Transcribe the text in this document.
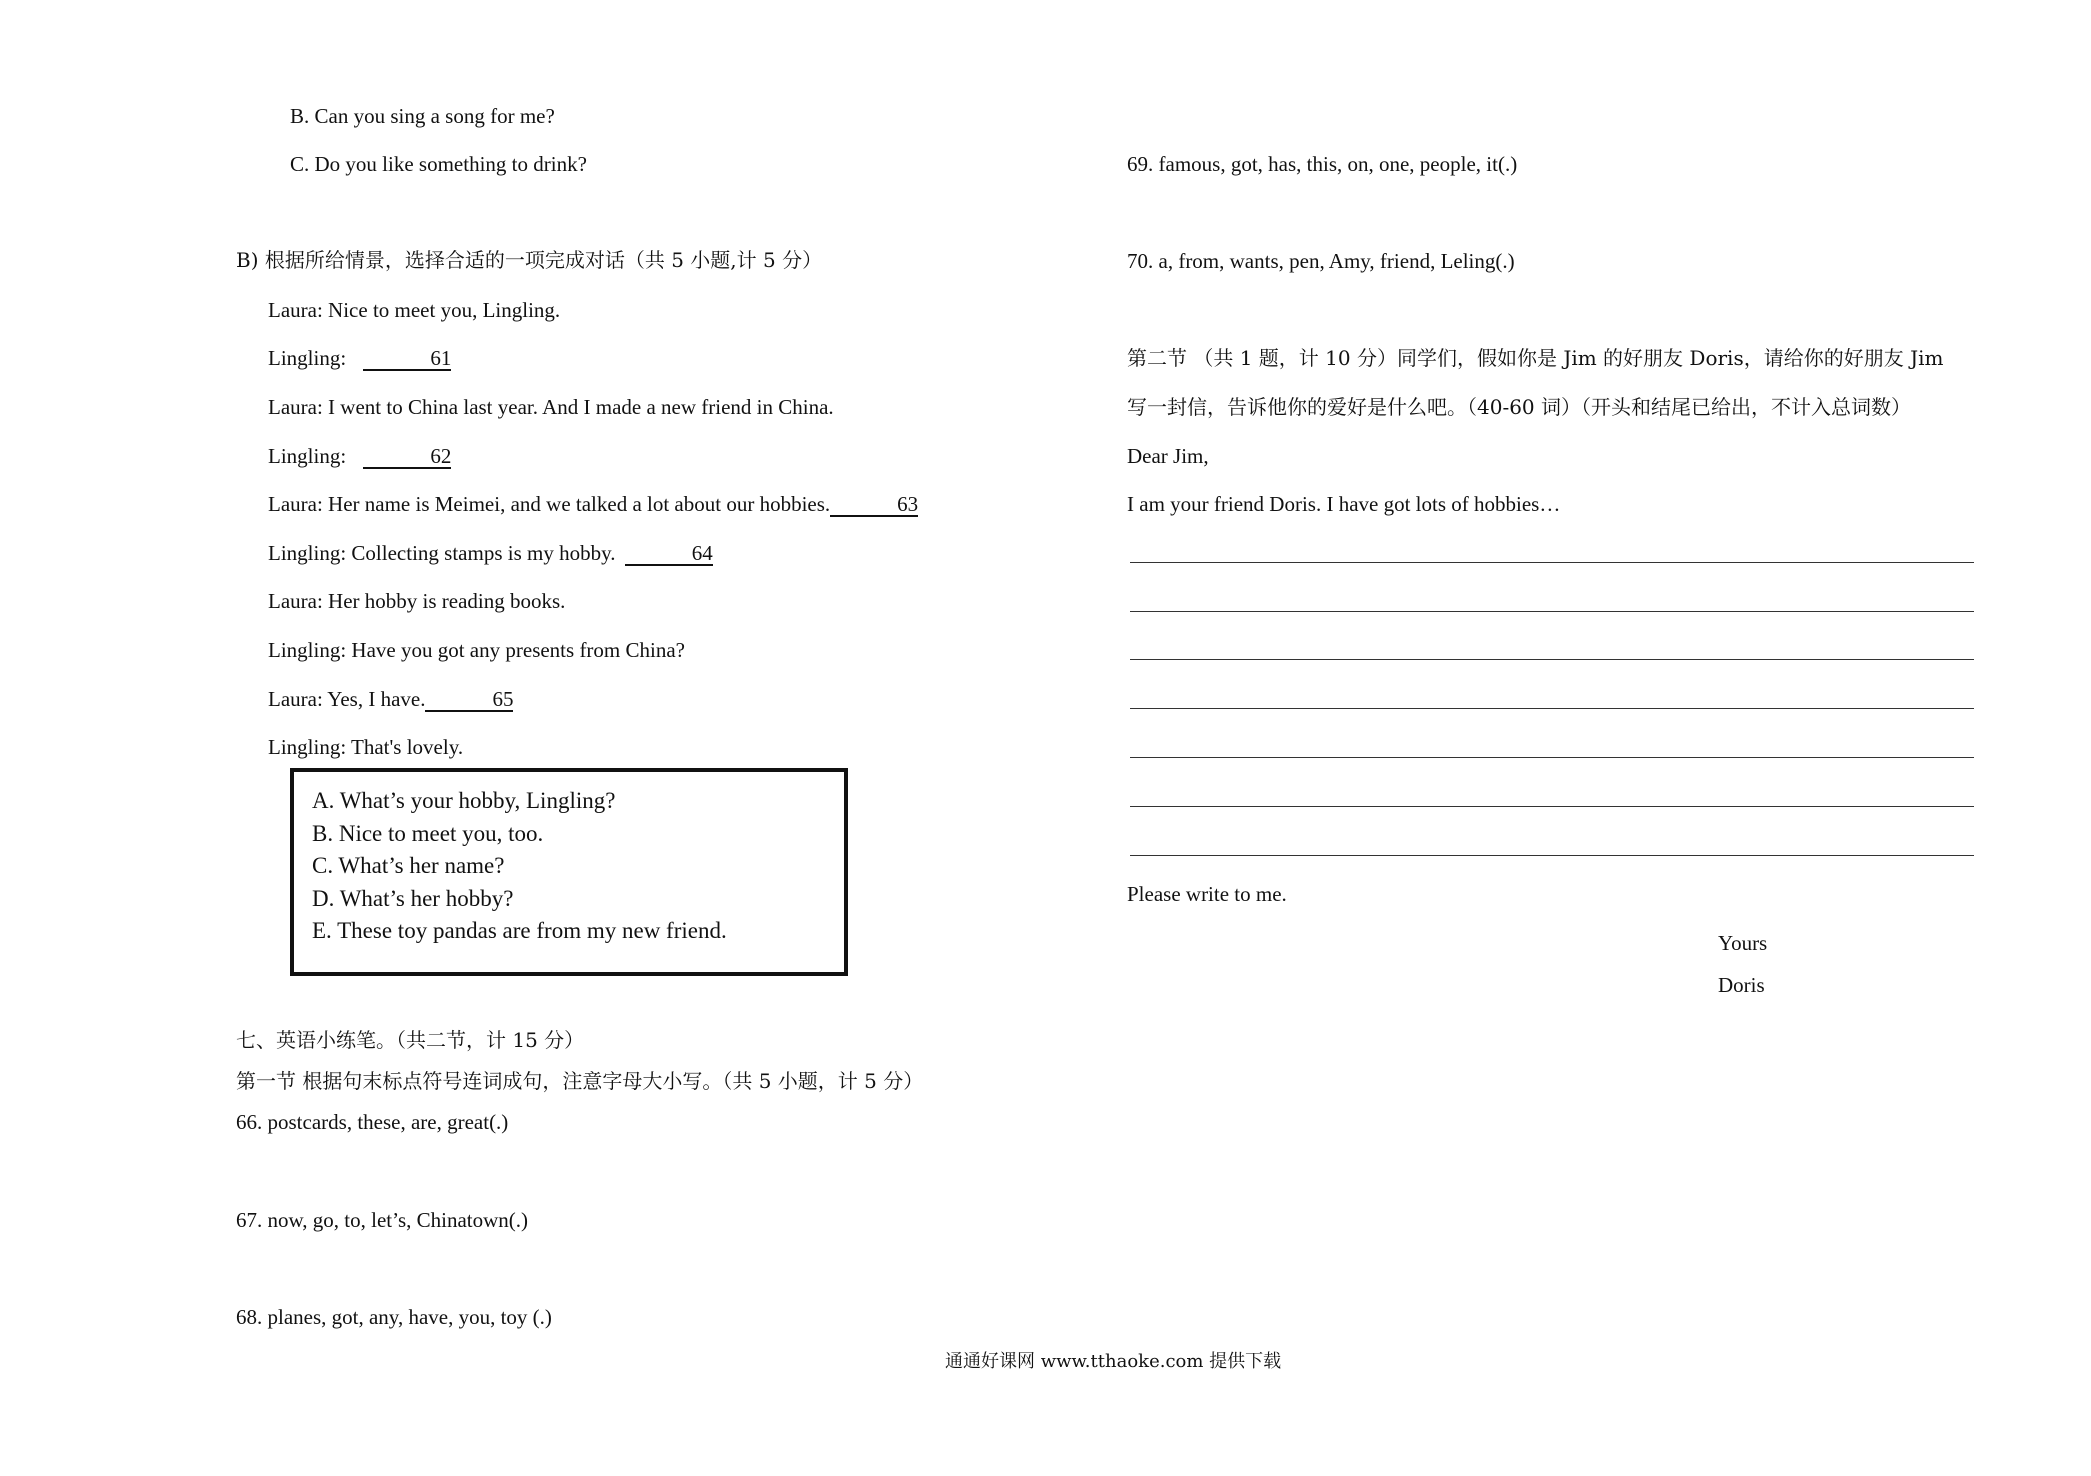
B. Can you sing a song for me?
C. Do you like something to drink?
B) 根据所给情景，选择合适的一项完成对话（共 5 小题,计 5 分）
Laura: Nice to meet you, Lingling.
Lingling:	61
Laura: I went to China last year. And I made a new friend in China.
Lingling:	62
Laura: Her name is Meimei, and we talked a lot about our hobbies.	63
Lingling: Collecting stamps is my hobby.	64
Laura: Her hobby is reading books.
Lingling: Have you got any presents from China?
Laura: Yes, I have.	65
Lingling: That's lovely.
A. What’s your hobby, Lingling?
B. Nice to meet you, too.
C. What’s her name?
D. What’s her hobby?
E. These toy pandas are from my new friend.
七、英语小练笔。（共二节，计 15 分）
第一节 根据句末标点符号连词成句，注意字母大小写。（共 5 小题，计 5 分）
66. postcards, these, are, great(.)
67. now, go, to, let’s, Chinatown(.)
68. planes, got, any, have, you, toy (.)
69. famous, got, has, this, on, one, people, it(.)
70. a, from, wants, pen, Amy, friend, Leling(.)
第二节 （共 1 题，计 10 分）同学们，假如你是 Jim 的好朋友 Doris，请给你的好朋友 Jim
写一封信，告诉他你的爱好是什么吧。（40-60 词）（开头和结尾已给出，不计入总词数）
Dear Jim,
I am your friend Doris. I have got lots of hobbies…
Please write to me.
Yours
Doris
通通好课网 www.tthaoke.com 提供下载
